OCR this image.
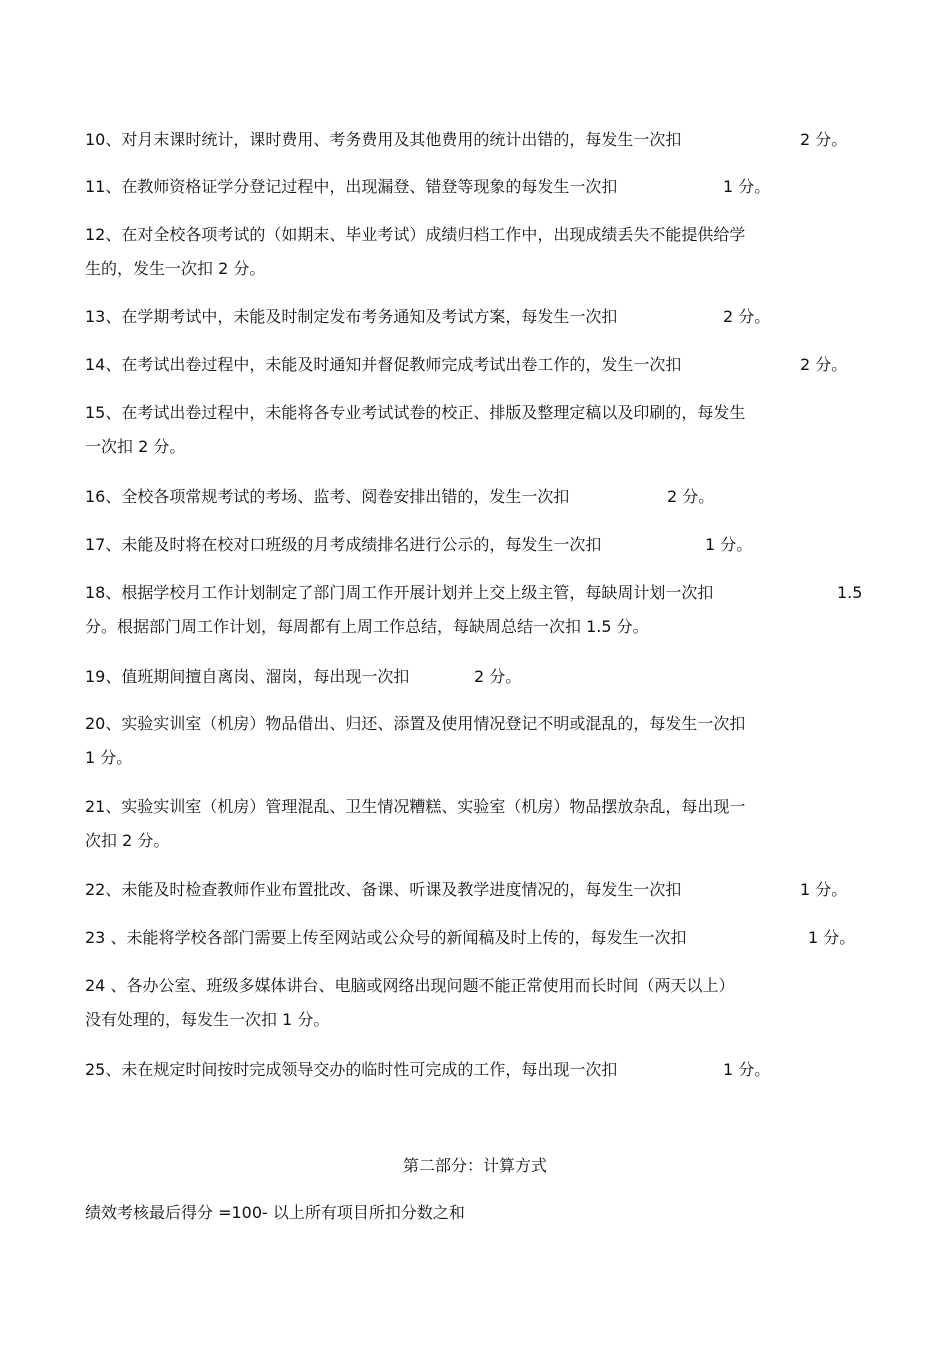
10、对月末课时统计，课时费用、考务费用及其他费用的统计出错的，每发生一次扣	2 分。
11、在教师资格证学分登记过程中，出现漏登、错登等现象的每发生一次扣	1 分。
12、在对全校各项考试的（如期末、毕业考试）成绩归档工作中，出现成绩丢失不能提供给学
生的，发生一次扣 2 分。
13、在学期考试中，未能及时制定发布考务通知及考试方案，每发生一次扣	2 分。
14、在考试出卷过程中，未能及时通知并督促教师完成考试出卷工作的，发生一次扣	2 分。
15、在考试出卷过程中，未能将各专业考试试卷的校正、排版及整理定稿以及印刷的，每发生
一次扣 2 分。
16、全校各项常规考试的考场、监考、阅卷安排出错的，发生一次扣	2 分。
17、未能及时将在校对口班级的月考成绩排名进行公示的，每发生一次扣	1 分。
18、根据学校月工作计划制定了部门周工作开展计划并上交上级主管，每缺周计划一次扣	1.5
分。根据部门周工作计划，每周都有上周工作总结，每缺周总结一次扣 1.5 分。
19、值班期间擅自离岗、溜岗，每出现一次扣	2 分。
20、实验实训室（机房）物品借出、归还、添置及使用情况登记不明或混乱的，每发生一次扣
1 分。
21、实验实训室（机房）管理混乱、卫生情况糟糕、实验室（机房）物品摆放杂乱，每出现一
次扣 2 分。
22、未能及时检查教师作业布置批改、备课、听课及教学进度情况的，每发生一次扣	1 分。
23 、未能将学校各部门需要上传至网站或公众号的新闻稿及时上传的，每发生一次扣	1 分。
24 、各办公室、班级多媒体讲台、电脑或网络出现问题不能正常使用而长时间（两天以上）
没有处理的，每发生一次扣 1 分。
25、未在规定时间按时完成领导交办的临时性可完成的工作，每出现一次扣	1 分。
第二部分：计算方式
绩效考核最后得分 =100- 以上所有项目所扣分数之和
